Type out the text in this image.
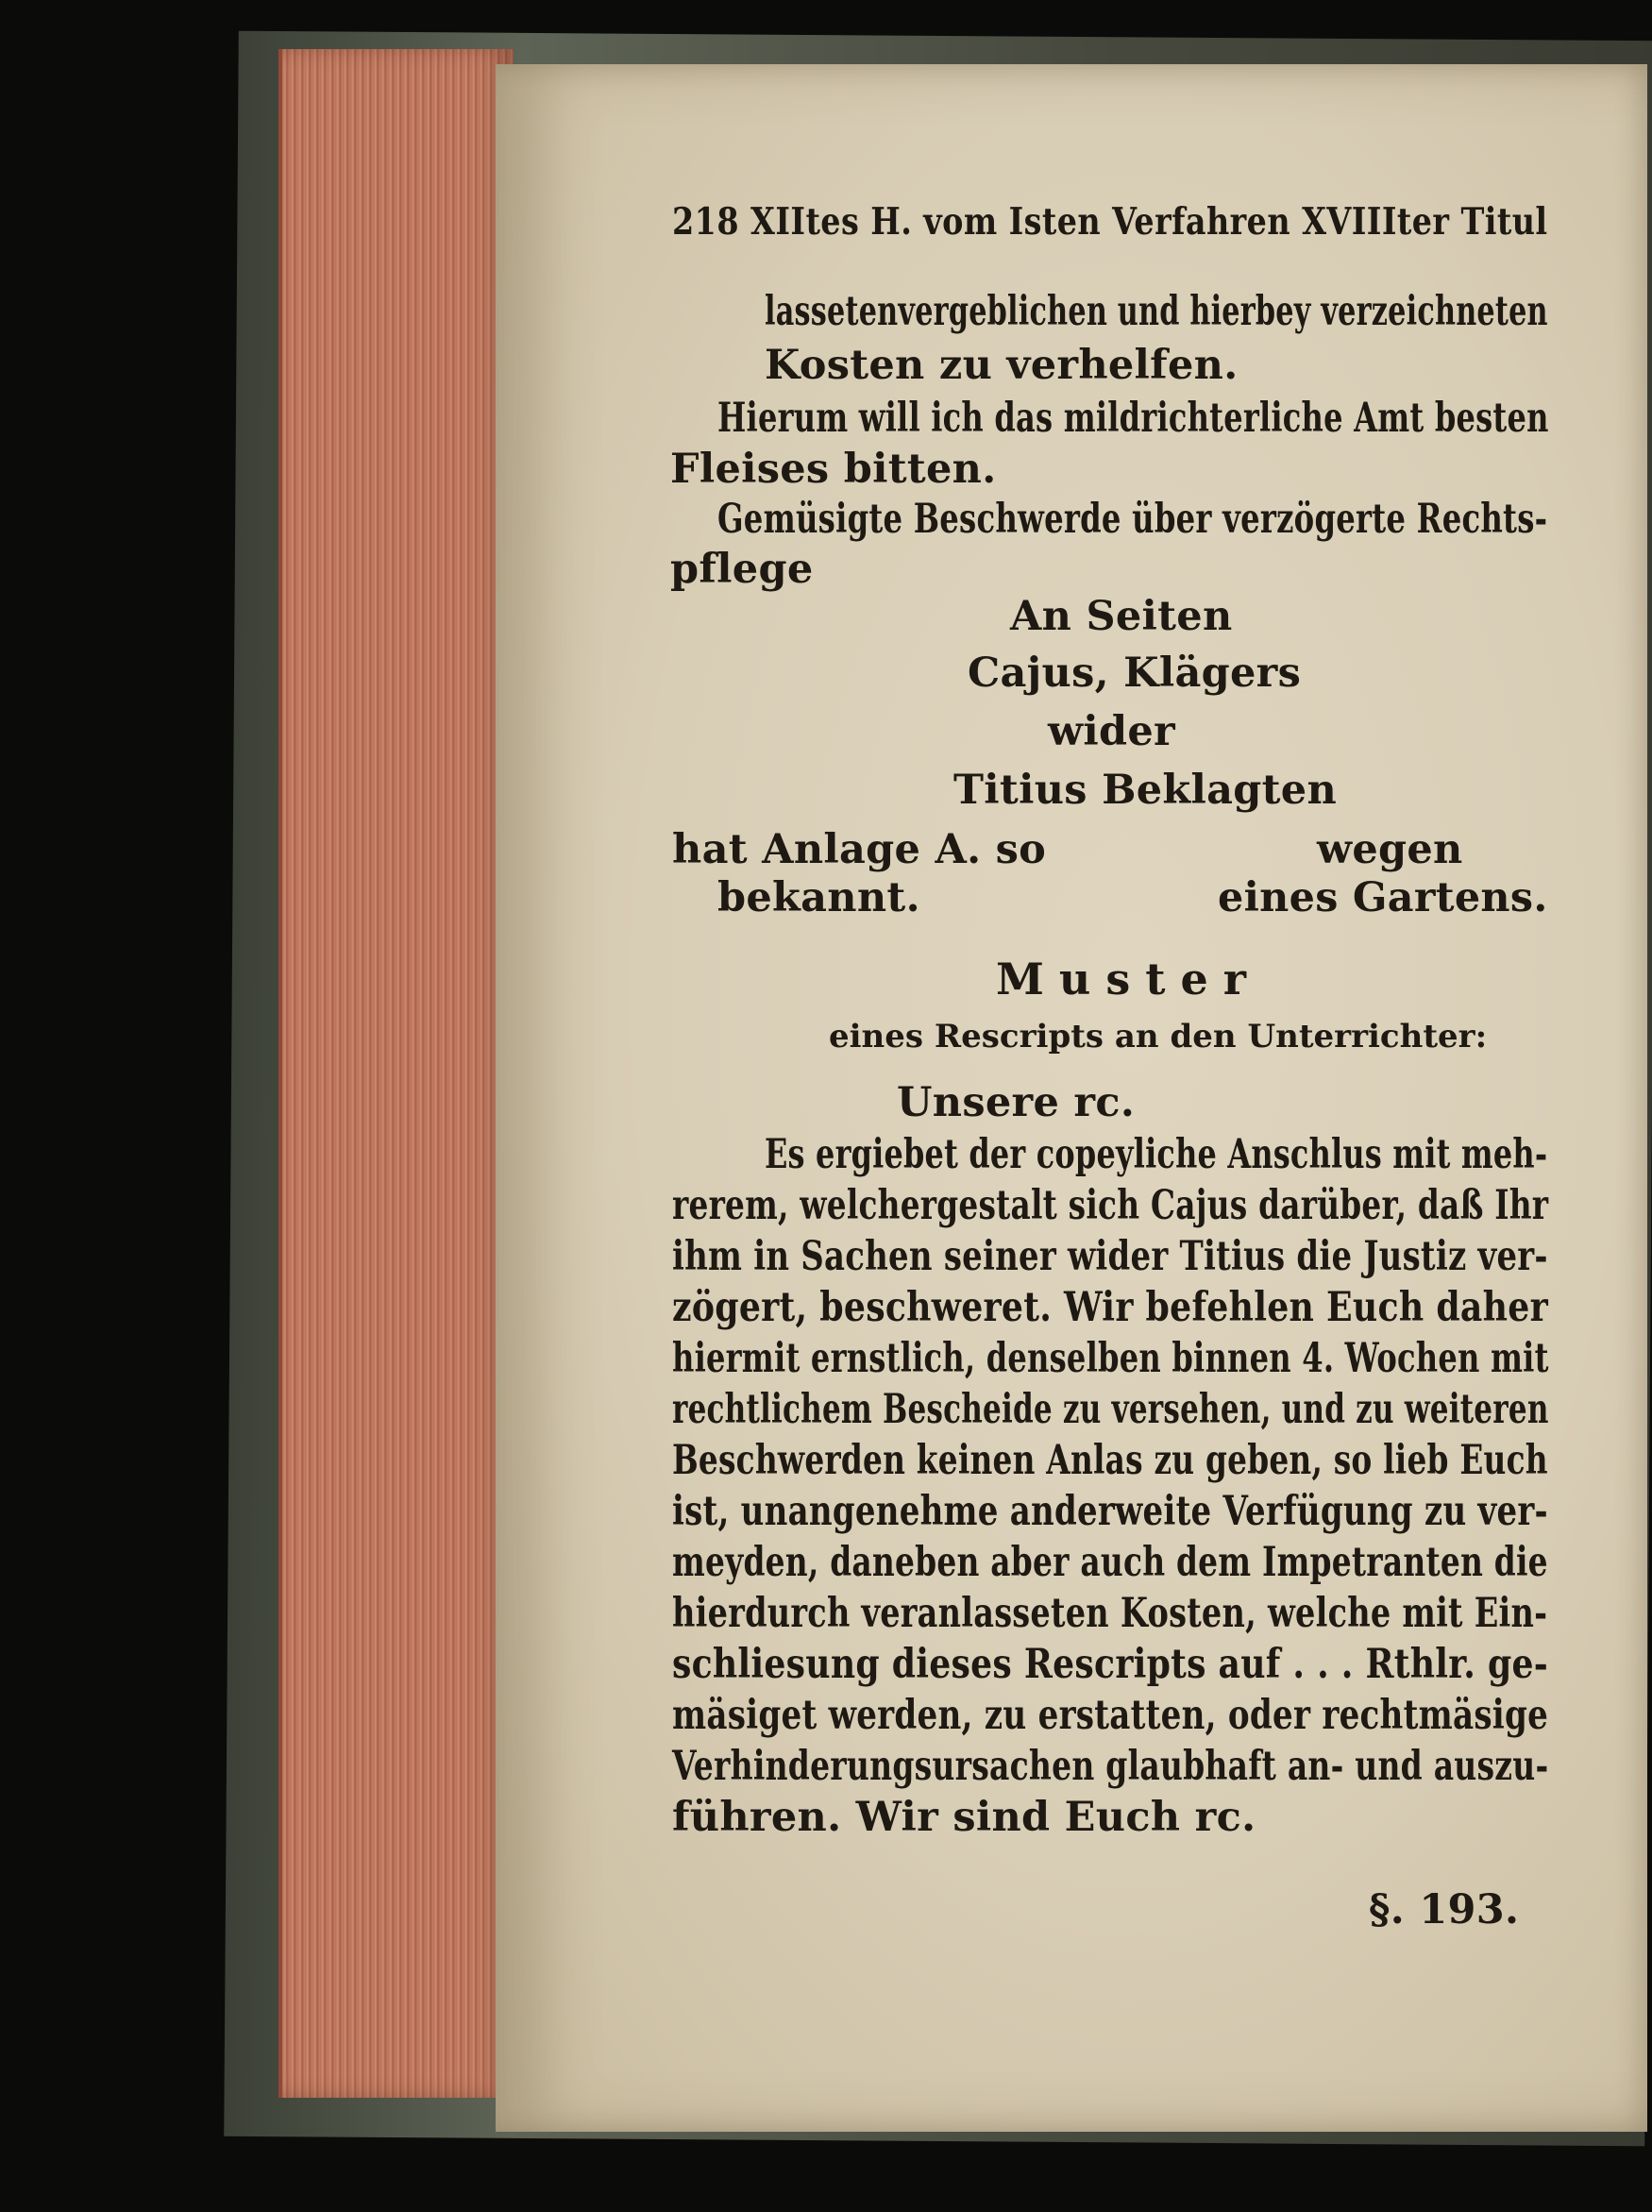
218 XIItes H. vom Isten Verfahren XVIIIter Titul
lassetenvergeblichen und hierbey verzeichneten
Kosten zu verhelfen.
Hierum will ich das mildrichterliche Amt besten
Fleises bitten.
Gemüsigte Beschwerde über verzögerte Rechts-
pflege
An Seiten
Cajus, Klägers
wider
Titius Beklagten
hat Anlage A. so
bekannt.
wegen
eines Gartens.
Muster
eines Rescripts an den Unterrichter:
Unsere rc.
Es ergiebet der copeyliche Anschlus mit meh-
rerem, welchergestalt sich Cajus darüber, daß Ihr
ihm in Sachen seiner wider Titius die Justiz ver-
zögert, beschweret. Wir befehlen Euch daher
hiermit ernstlich, denselben binnen 4. Wochen mit
rechtlichem Bescheide zu versehen, und zu weiteren
Beschwerden keinen Anlas zu geben, so lieb Euch
ist, unangenehme anderweite Verfügung zu ver-
meyden, daneben aber auch dem Impetranten die
hierdurch veranlasseten Kosten, welche mit Ein-
schliesung dieses Rescripts auf . . . Rthlr. ge-
mäsiget werden, zu erstatten, oder rechtmäsige
Verhinderungsursachen glaubhaft an- und auszu-
führen. Wir sind Euch rc.
§. 193.
